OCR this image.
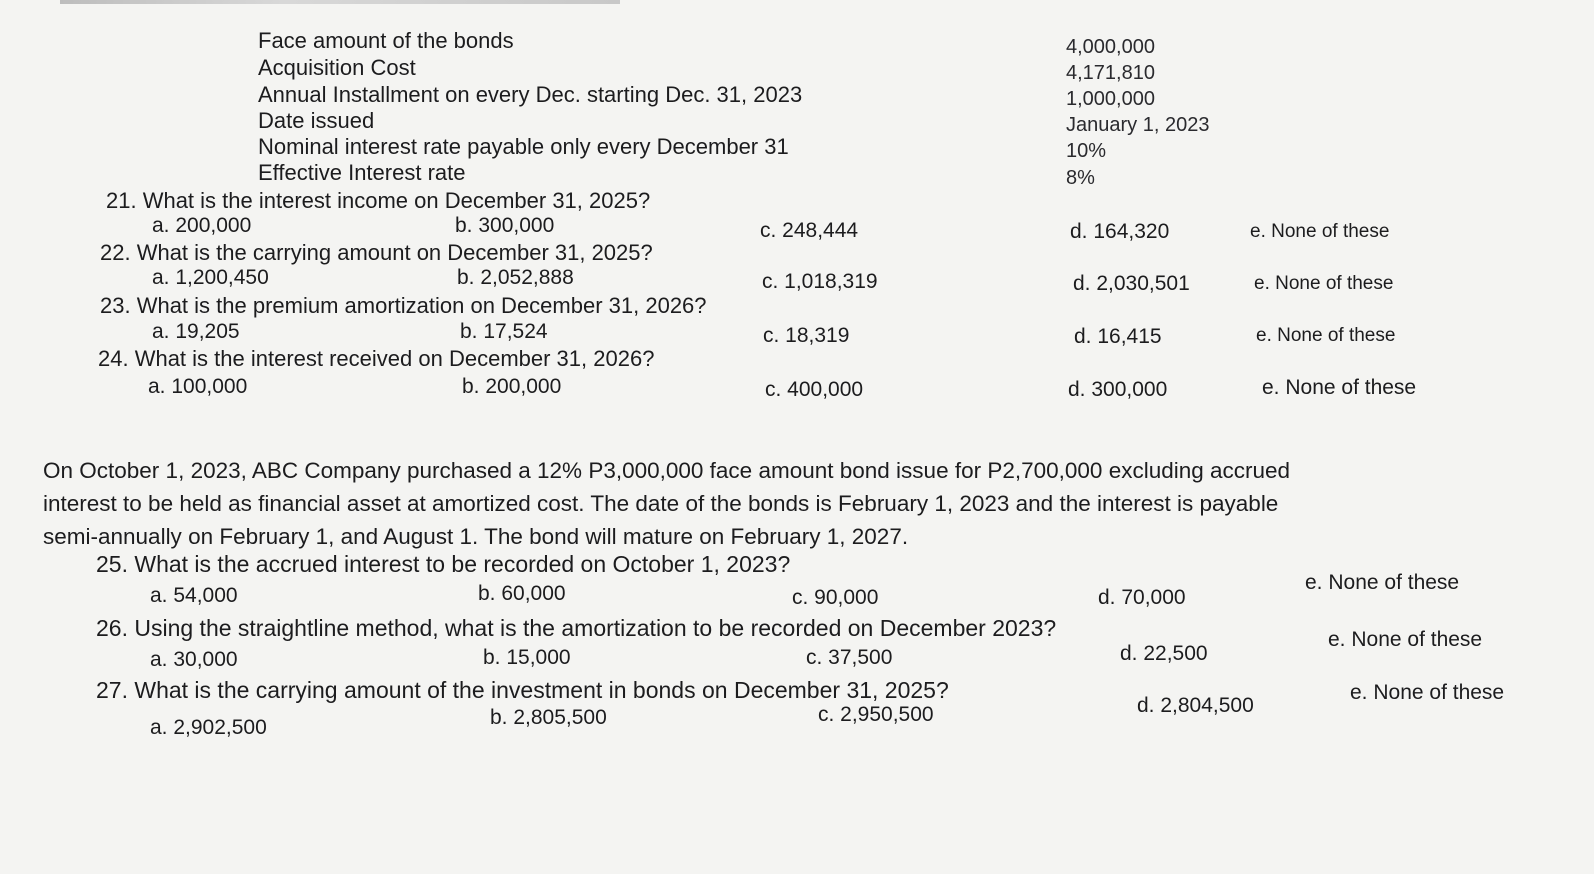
Face amount of the bonds	4,000,000
Acquisition Cost	4,171,810
Annual Installment on every Dec. starting Dec. 31, 2023	1,000,000
Date issued	January 1, 2023
Nominal interest rate payable only every December 31	10%
Effective Interest rate	8%
21. What is the interest income on December 31, 2025?
a. 200,000	b. 300,000	c. 248,444	d. 164,320	e. None of these
22. What is the carrying amount on December 31, 2025?
a. 1,200,450	b. 2,052,888	c. 1,018,319	d. 2,030,501	e. None of these
23. What is the premium amortization on December 31, 2026?
a. 19,205	b. 17,524	c. 18,319	d. 16,415	e. None of these
24. What is the interest received on December 31, 2026?
a. 100,000	b. 200,000	c. 400,000	d. 300,000	e. None of these
On October 1, 2023, ABC Company purchased a 12% P3,000,000 face amount bond issue for P2,700,000 excluding accrued
interest to be held as financial asset at amortized cost. The date of the bonds is February 1, 2023 and the interest is payable
semi-annually on February 1, and August 1. The bond will mature on February 1, 2027.
25. What is the accrued interest to be recorded on October 1, 2023?
a. 54,000	b. 60,000	c. 90,000	d. 70,000
e. None of these
26. Using the straightline method, what is the amortization to be recorded on December 2023?
a. 30,000	b. 15,000	c. 37,500	d. 22,500
e. None of these
27. What is the carrying amount of the investment in bonds on December 31, 2025?
a. 2,902,500	b. 2,805,500	c. 2,950,500	d. 2,804,500
e. None of these
